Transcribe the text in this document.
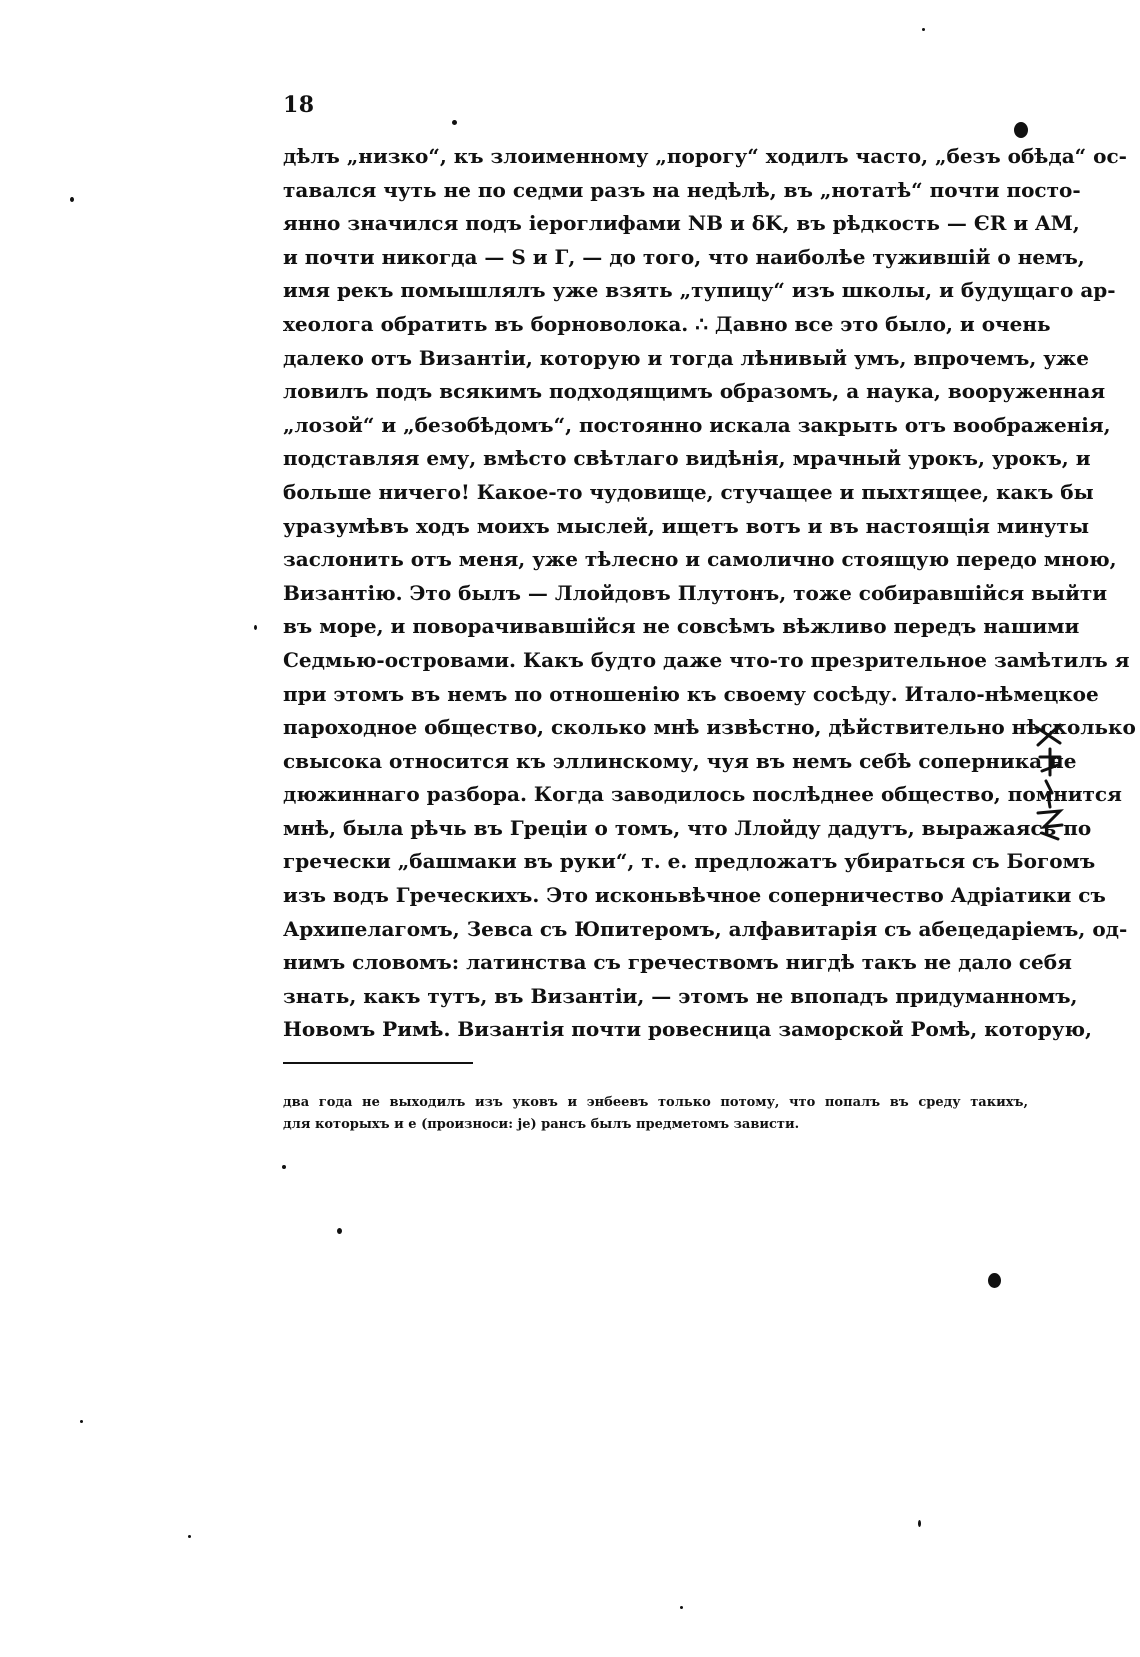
18
дѣлъ „низко“, къ злоименному „порогу“ ходилъ часто, „безъ обѣда“ ос-
тавался чуть не по седми разъ на недѣлѣ, въ „нотатѣ“ почти посто-
янно значился подъ іероглифами NB и δK, въ рѣдкость — ЄR и AM,
и почти никогда — S и Г, — до того, что наиболѣе тужившій о немъ,
имя рекъ помышлялъ уже взять „тупицу“ изъ школы, и будущаго ар-
хеолога обратить въ борноволока. ∴ Давно все это было, и очень
далеко отъ Византіи, которую и тогда лѣнивый умъ, впрочемъ, уже
ловилъ подъ всякимъ подходящимъ образомъ, а наука, вооруженная
„лозой“ и „безобѣдомъ“, постоянно искала закрыть отъ воображенія,
подставляя ему, вмѣсто свѣтлаго видѣнія, мрачный урокъ, урокъ, и
больше ничего! Какое-то чудовище, стучащее и пыхтящее, какъ бы
уразумѣвъ ходъ моихъ мыслей, ищетъ вотъ и въ настоящія минуты
заслонить отъ меня, уже тѣлесно и самолично стоящую передо мною,
Византію. Это былъ — Ллойдовъ Плутонъ, тоже собиравшійся выйти
въ море, и поворачивавшійся не совсѣмъ вѣжливо передъ нашими
Седмью-островами. Какъ будто даже что-то презрительное замѣтилъ я
при этомъ въ немъ по отношенію къ своему сосѣду. Итало-нѣмецкое
пароходное общество, сколько мнѣ извѣстно, дѣйствительно нѣсколько
свысока относится къ эллинскому, чуя въ немъ себѣ соперника не
дюжиннаго разбора. Когда заводилось послѣднее общество, помнится
мнѣ, была рѣчь въ Греціи о томъ, что Ллойду дадутъ, выражаясь по
гречески „башмаки въ руки“, т. е. предложатъ убираться съ Богомъ
изъ водъ Греческихъ. Это исконьвѣчное соперничество Адріатики съ
Архипелагомъ, Зевса съ Юпитеромъ, алфавитарія съ абецедаріемъ, од-
нимъ словомъ: латинства съ гречествомъ нигдѣ такъ не дало себя
знать, какъ тутъ, въ Византіи, — этомъ не впопадъ придуманномъ,
Новомъ Римѣ. Византія почти ровесница заморской Ромѣ, которую,
два года не выходилъ изъ уковъ и энбеевъ только потому, что попалъ въ среду такихъ,
для которыхъ и е (произноси: je) рансъ былъ предметомъ зависти.
